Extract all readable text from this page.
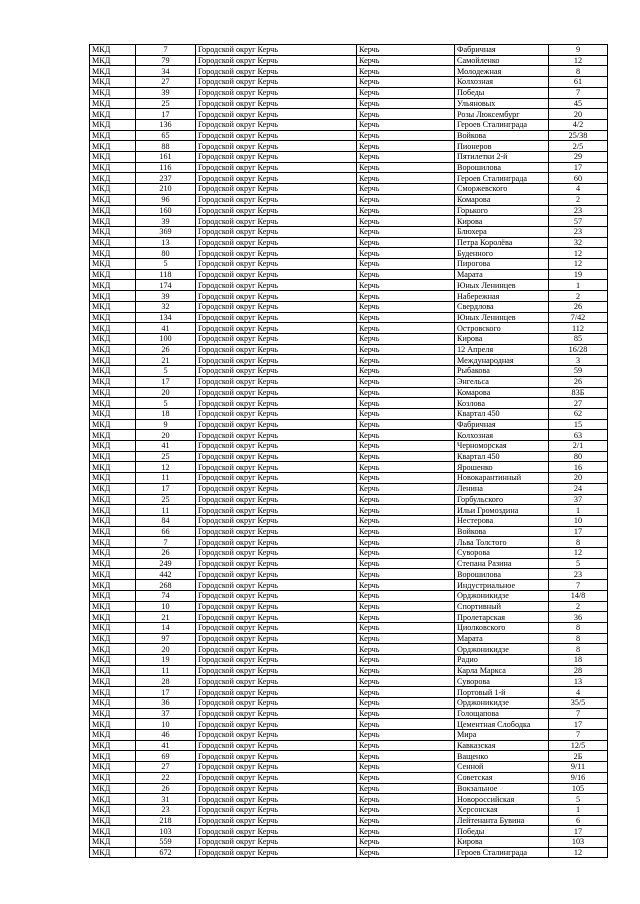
МКД	7	Городской округ Керчь	Керчь	Фабричная	9
МКД	79	Городской округ Керчь	Керчь	Самойленко	12
МКД	34	Городской округ Керчь	Керчь	Молодежная	8
МКД	27	Городской округ Керчь	Керчь	Колхозная	61
МКД	39	Городской округ Керчь	Керчь	Победы	7
МКД	25	Городской округ Керчь	Керчь	Ульяновых	45
МКД	17	Городской округ Керчь	Керчь	Розы Люксембург	20
МКД	136	Городской округ Керчь	Керчь	Героев Сталинграда	4/2
МКД	65	Городской округ Керчь	Керчь	Войкова	25/38
МКД	88	Городской округ Керчь	Керчь	Пионеров	2/5
МКД	161	Городской округ Керчь	Керчь	Пятилетки 2-й	29
МКД	116	Городской округ Керчь	Керчь	Ворошилова	17
МКД	237	Городской округ Керчь	Керчь	Героев Сталинграда	60
МКД	210	Городской округ Керчь	Керчь	Сморжевского	4
МКД	96	Городской округ Керчь	Керчь	Комарова	2
МКД	160	Городской округ Керчь	Керчь	Горького	23
МКД	39	Городской округ Керчь	Керчь	Кирова	57
МКД	369	Городской округ Керчь	Керчь	Блюхера	23
МКД	13	Городской округ Керчь	Керчь	Петра Королёва	32
МКД	80	Городской округ Керчь	Керчь	Буденного	12
МКД	5	Городской округ Керчь	Керчь	Пирогова	12
МКД	118	Городской округ Керчь	Керчь	Марата	19
МКД	174	Городской округ Керчь	Керчь	Юных Ленинцев	1
МКД	39	Городской округ Керчь	Керчь	Набережная	2
МКД	32	Городской округ Керчь	Керчь	Свердлова	26
МКД	134	Городской округ Керчь	Керчь	Юных Ленинцев	7/42
МКД	41	Городской округ Керчь	Керчь	Островского	112
МКД	100	Городской округ Керчь	Керчь	Кирова	85
МКД	26	Городской округ Керчь	Керчь	12 Апреля	16/28
МКД	21	Городской округ Керчь	Керчь	Международная	3
МКД	5	Городской округ Керчь	Керчь	Рыбакова	59
МКД	17	Городской округ Керчь	Керчь	Энгельса	26
МКД	20	Городской округ Керчь	Керчь	Комарова	83Б
МКД	5	Городской округ Керчь	Керчь	Козлова	27
МКД	18	Городской округ Керчь	Керчь	Квартал 450	62
МКД	9	Городской округ Керчь	Керчь	Фабричная	15
МКД	20	Городской округ Керчь	Керчь	Колхозная	63
МКД	41	Городской округ Керчь	Керчь	Черноморская	2/1
МКД	25	Городской округ Керчь	Керчь	Квартал 450	80
МКД	12	Городской округ Керчь	Керчь	Ярошенко	16
МКД	11	Городской округ Керчь	Керчь	Новокарантинный	20
МКД	17	Городской округ Керчь	Керчь	Ленина	24
МКД	25	Городской округ Керчь	Керчь	Горбульского	37
МКД	11	Городской округ Керчь	Керчь	Ильи Громоздина	1
МКД	84	Городской округ Керчь	Керчь	Нестерова	10
МКД	66	Городской округ Керчь	Керчь	Войкова	17
МКД	7	Городской округ Керчь	Керчь	Льва Толстого	8
МКД	26	Городской округ Керчь	Керчь	Суворова	12
МКД	249	Городской округ Керчь	Керчь	Степана Разина	5
МКД	442	Городской округ Керчь	Керчь	Ворошилова	23
МКД	268	Городской округ Керчь	Керчь	Индустриальное	7
МКД	74	Городской округ Керчь	Керчь	Орджоникидзе	14/8
МКД	10	Городской округ Керчь	Керчь	Спортивный	2
МКД	21	Городской округ Керчь	Керчь	Пролетарская	36
МКД	14	Городской округ Керчь	Керчь	Циолковского	8
МКД	97	Городской округ Керчь	Керчь	Марата	8
МКД	20	Городской округ Керчь	Керчь	Орджоникидзе	8
МКД	19	Городской округ Керчь	Керчь	Радио	18
МКД	11	Городской округ Керчь	Керчь	Карла Маркса	28
МКД	28	Городской округ Керчь	Керчь	Суворова	13
МКД	17	Городской округ Керчь	Керчь	Портовый 1-й	4
МКД	36	Городской округ Керчь	Керчь	Орджоникидзе	35/5
МКД	37	Городской округ Керчь	Керчь	Голощапова	7
МКД	10	Городской округ Керчь	Керчь	Цементная Слободка	17
МКД	46	Городской округ Керчь	Керчь	Мира	7
МКД	41	Городской округ Керчь	Керчь	Кавказская	12/5
МКД	69	Городской округ Керчь	Керчь	Ващенко	2Б
МКД	27	Городской округ Керчь	Керчь	Сенной	9/11
МКД	22	Городской округ Керчь	Керчь	Советская	9/16
МКД	26	Городской округ Керчь	Керчь	Вокзальное	105
МКД	31	Городской округ Керчь	Керчь	Новороссийская	5
МКД	23	Городской округ Керчь	Керчь	Херсонская	1
МКД	218	Городской округ Керчь	Керчь	Лейтенанта Бувина	6
МКД	103	Городской округ Керчь	Керчь	Победы	17
МКД	559	Городской округ Керчь	Керчь	Кирова	103
МКД	672	Городской округ Керчь	Керчь	Героев Сталинграда	12
